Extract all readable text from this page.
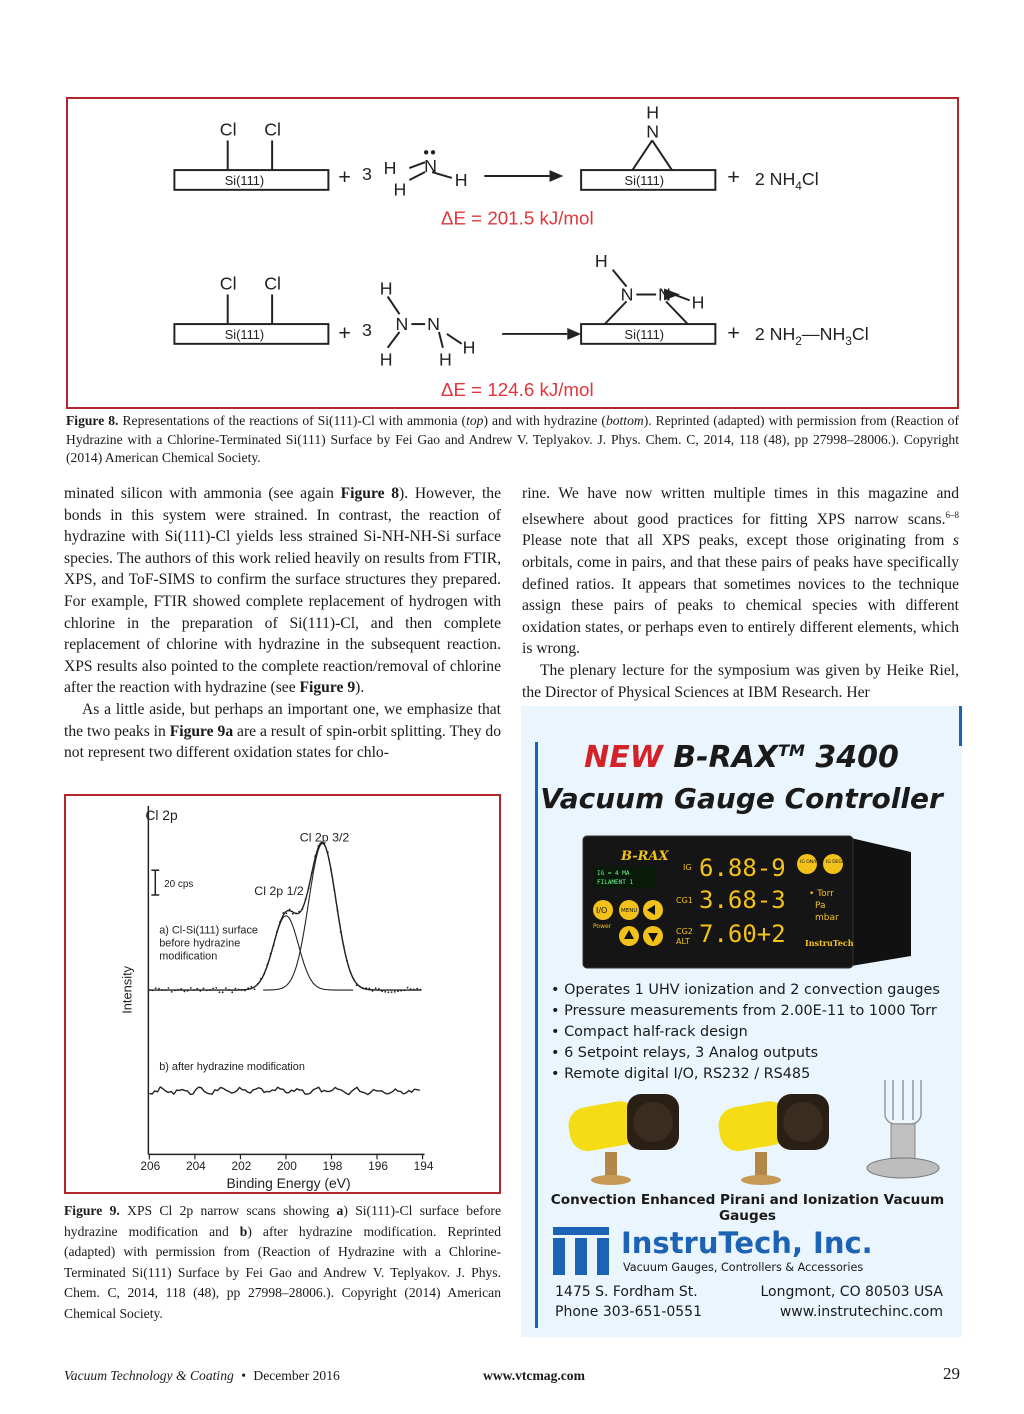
Cl Cl
Si(111)	+ 3 H
H
N
H
H
N
Si(111)	+ 2 $NH_4Cl$
Cl Cl
Si(111)	+ 3
H
N N
H	H
H
H
N N H
Si(111)	+ 2 $NH_2—NH_3Cl$
ΔE = 201.5 kJ/mol
ΔE = 124.6 kJ/mol
Figure 8. Representations of the reactions of Si(111)-Cl with ammonia (top) and with hydrazine (bottom). Reprinted (adapted) with permission from (Reaction of Hydrazine with a Chlorine-Terminated Si(111) Surface by Fei Gao and Andrew V. Teplyakov. J. Phys. Chem. C, 2014, 118 (48), pp 27998–28006.). Copyright (2014) American Chemical Society.

minated silicon with ammonia (see again Figure 8). However, the bonds in this system were strained. In contrast, the reaction of hydrazine with Si(111)-Cl yields less strained Si-NH-NH-Si surface species. The authors of this work relied heavily on results from FTIR, XPS, and ToF-SIMS to confirm the surface structures they prepared. For example, FTIR showed complete replacement of hydrogen with chlorine in the preparation of Si(111)-Cl, and then complete replacement of chlorine with hydrazine in the subsequent reaction. XPS results also pointed to the complete reaction/removal of chlorine after the reaction with hydrazine (see Figure 9).

As a little aside, but perhaps an important one, we emphasize that the two peaks in Figure 9a are a result of spin-orbit splitting. They do not represent two different oxidation states for chlo-

rine. We have now written multiple times in this magazine and elsewhere about good practices for fitting XPS narrow scans.$^{6-8}$ Please note that all XPS peaks, except those originating from s orbitals, come in pairs, and that these pairs of peaks have specifically defined ratios. It appears that sometimes novices to the technique assign these pairs of peaks to chemical species with different oxidation states, or perhaps even to entirely different elements, which is wrong.

The plenary lecture for the symposium was given by Heike Riel, the Director of Physical Sciences at IBM Research. Her

206 204 202 200 198 196 194
Cl 2p
Cl 2p 3/2
Cl 2p 1/2
20 cps
a) Cl-Si(111) surface
before hydrazine
modification
b) after hydrazine modification
Intensity
Binding Energy (eV)
Figure 9. XPS Cl 2p narrow scans showing a) Si(111)-Cl surface before hydrazine modification and b) after hydrazine modification. Reprinted (adapted) with permission from (Reaction of Hydrazine with a Chlorine-Terminated Si(111) Surface by Fei Gao and Andrew V. Teplyakov. J. Phys. Chem. C, 2014, 118 (48), pp 27998–28006.). Copyright (2014) American Chemical Society.
NEW B-RAX™ 3400
Vacuum Gauge Controller
B-RAX
IG = 4 MA
FILAMENT 1
IG
CG1
CG2
ALT
6.88-9
3.68-3
7.60+2
IG ON/OFF IG DEGAS
• Torr
Pa
mbar
InstruTech
I/O
Power
MENU
• Operates 1 UHV ionization and 2 convection gauges
• Pressure measurements from 2.00E-11 to 1000 Torr
• Compact half-rack design
• 6 Setpoint relays, 3 Analog outputs
• Remote digital I/O, RS232 / RS485
Convection Enhanced Pirani and Ionization Vacuum Gauges
InstruTech, Inc.
Vacuum Gauges, Controllers & Accessories
1475 S. Fordham St.
Phone 303-651-0551
Longmont, CO 80503 USA
www.instrutechinc.com
Vacuum Technology & Coating • December 2016	www.vtcmag.com	29
